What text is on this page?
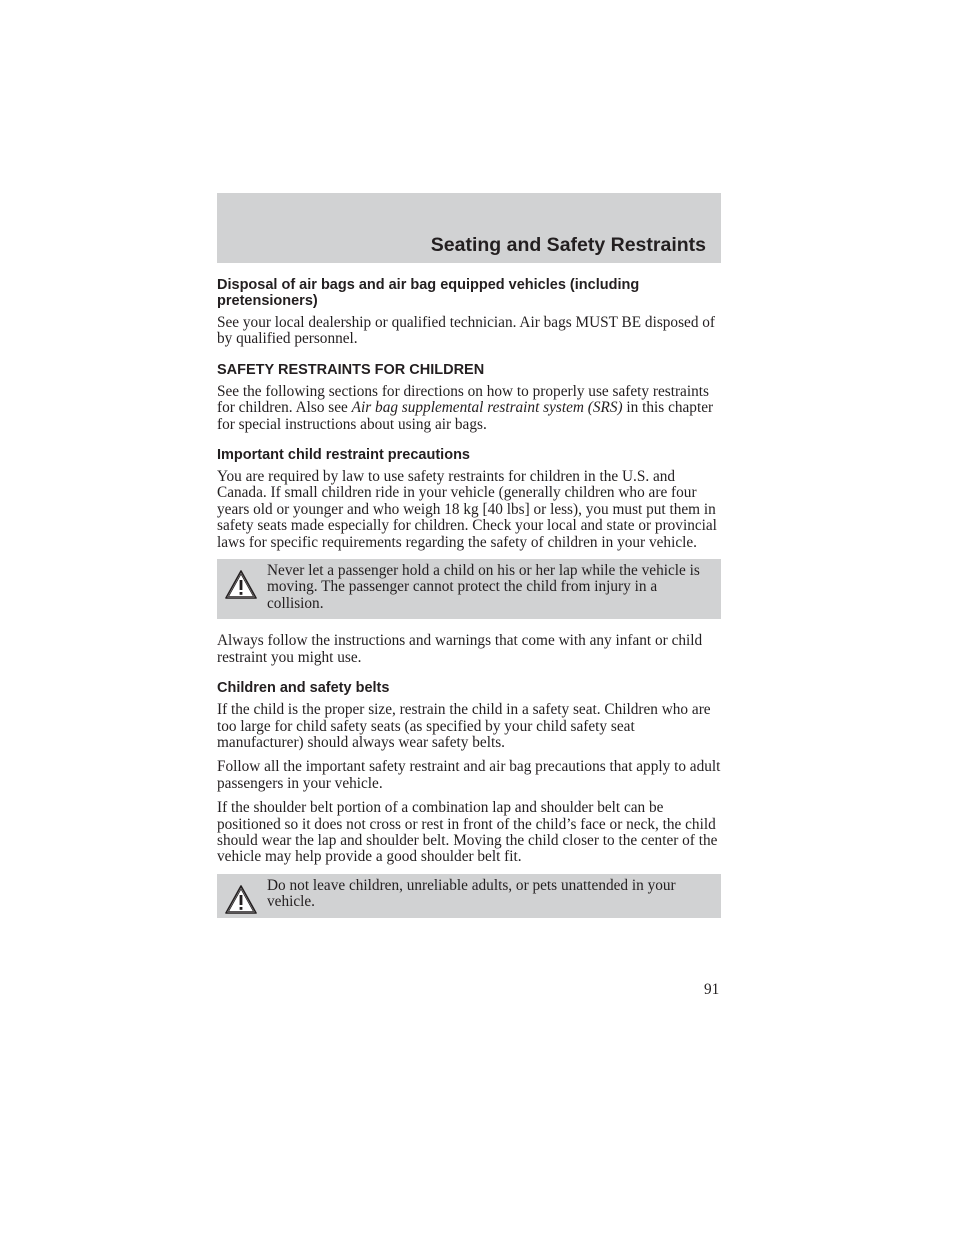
Seating and Safety Restraints
Disposal of air bags and air bag equipped vehicles (including pretensioners)

See your local dealership or qualified technician. Air bags MUST BE disposed of by qualified personnel.

SAFETY RESTRAINTS FOR CHILDREN

See the following sections for directions on how to properly use safety restraints for children. Also see Air bag supplemental restraint system (SRS) in this chapter for special instructions about using air bags.

Important child restraint precautions

You are required by law to use safety restraints for children in the U.S. and Canada. If small children ride in your vehicle (generally children who are four years old or younger and who weigh 18 kg [40 lbs] or less), you must put them in safety seats made especially for children. Check your local and state or provincial laws for specific requirements regarding the safety of children in your vehicle.

Never let a passenger hold a child on his or her lap while the vehicle is moving. The passenger cannot protect the child from injury in a collision.

Always follow the instructions and warnings that come with any infant or child restraint you might use.

Children and safety belts

If the child is the proper size, restrain the child in a safety seat. Children who are too large for child safety seats (as specified by your child safety seat manufacturer) should always wear safety belts.

Follow all the important safety restraint and air bag precautions that apply to adult passengers in your vehicle.

If the shoulder belt portion of a combination lap and shoulder belt can be positioned so it does not cross or rest in front of the child’s face or neck, the child should wear the lap and shoulder belt. Moving the child closer to the center of the vehicle may help provide a good shoulder belt fit.

Do not leave children, unreliable adults, or pets unattended in your vehicle.

91
